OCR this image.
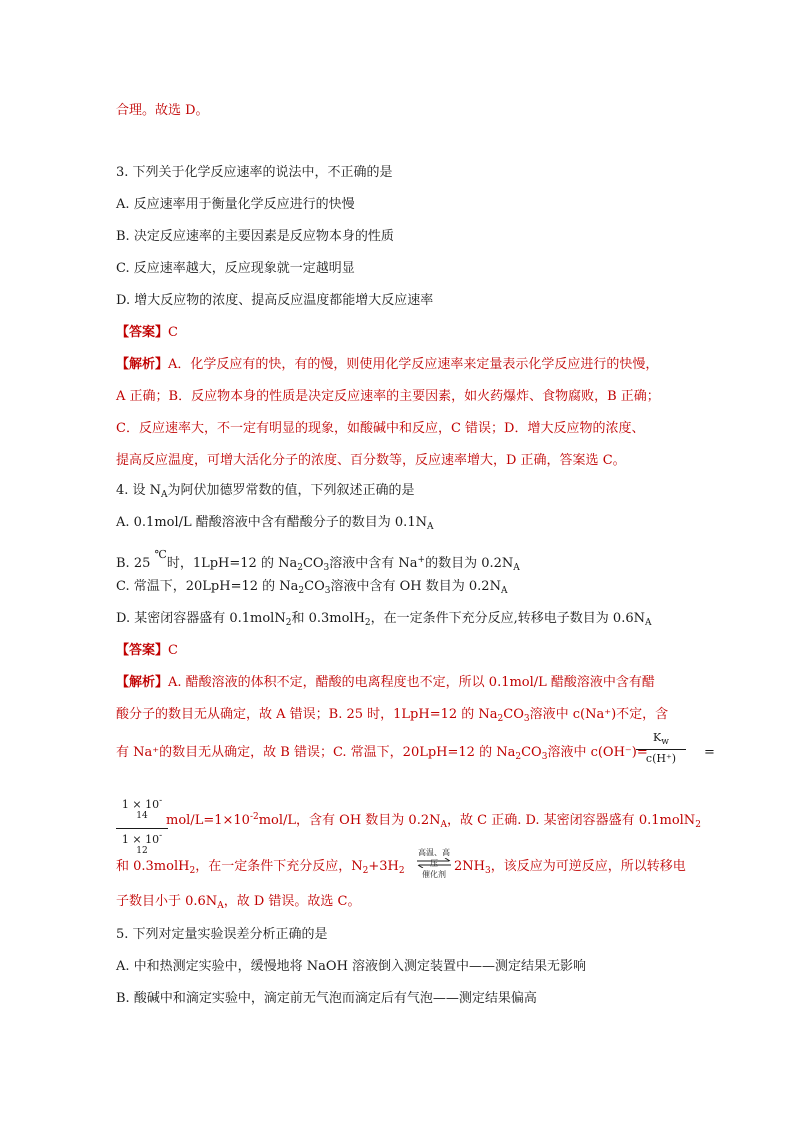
合理。故选 D。
3. 下列关于化学反应速率的说法中，不正确的是
A. 反应速率用于衡量化学反应进行的快慢
B. 决定反应速率的主要因素是反应物本身的性质
C. 反应速率越大，反应现象就一定越明显
D. 增大反应物的浓度、提高反应温度都能增大反应速率
【答案】C
【解析】A．化学反应有的快，有的慢，则使用化学反应速率来定量表示化学反应进行的快慢，
A 正确；B．反应物本身的性质是决定反应速率的主要因素，如火药爆炸、食物腐败，B 正确；
C．反应速率大，不一定有明显的现象，如酸碱中和反应，C 错误；D．增大反应物的浓度、
提高反应温度，可增大活化分子的浓度、百分数等，反应速率增大，D 正确，答案选 C。
4. 设 $N_A$为阿伏加德罗常数的值，下列叙述正确的是
A. 0.1mol/L 醋酸溶液中含有醋酸分子的数目为 $0.1N_A$
B. 25 ℃时，1LpH=12 的 $Na_2CO_3$溶液中含有 Na+的数目为 $0.2N_A$
C. 常温下，20LpH=12 的 $Na_2CO_3$溶液中含有 OH 数目为 $0.2N_A$
D. 某密闭容器盛有 0.1molN$_2$和 0.3molH$_2$，在一定条件下充分反应,转移电子数目为 $0.6N_A$
【答案】C
【解析】A. 醋酸溶液的体积不定，醋酸的电离程度也不定，所以 0.1mol/L 醋酸溶液中含有醋
酸分子的数目无从确定，故 A 错误；B. 25 时，1LpH=12 的 $Na_2CO_3$溶液中 c(Na⁺)不定，含
有 Na⁺的数目无从确定，故 B 错误；C. 常温下，20LpH=12 的 $Na_2CO_3$溶液中 c(OH⁻)=
$K_w$
c(H⁺)	=
$1 \times 10^{- 14}$
$1 \times 10^{- 12}$
mol/$L=1\times 10^{-2}mol/L$，含有 OH 数目为 $0.2N_A$，故 C 正确. D. 某密闭容器盛有 0.1molN$_2$
和 0.3molH$_2$，在一定条件下充分反应，$N_2+3H_2$
高温、高压
催化剂
$2NH_3$，该反应为可逆反应，所以转移电
子数目小于 $0.6N_A$，故 D 错误。故选 C。
5. 下列对定量实验误差分析正确的是
A. 中和热测定实验中，缓慢地将 NaOH 溶液倒入测定装置中——测定结果无影响
B. 酸碱中和滴定实验中，滴定前无气泡而滴定后有气泡——测定结果偏高
